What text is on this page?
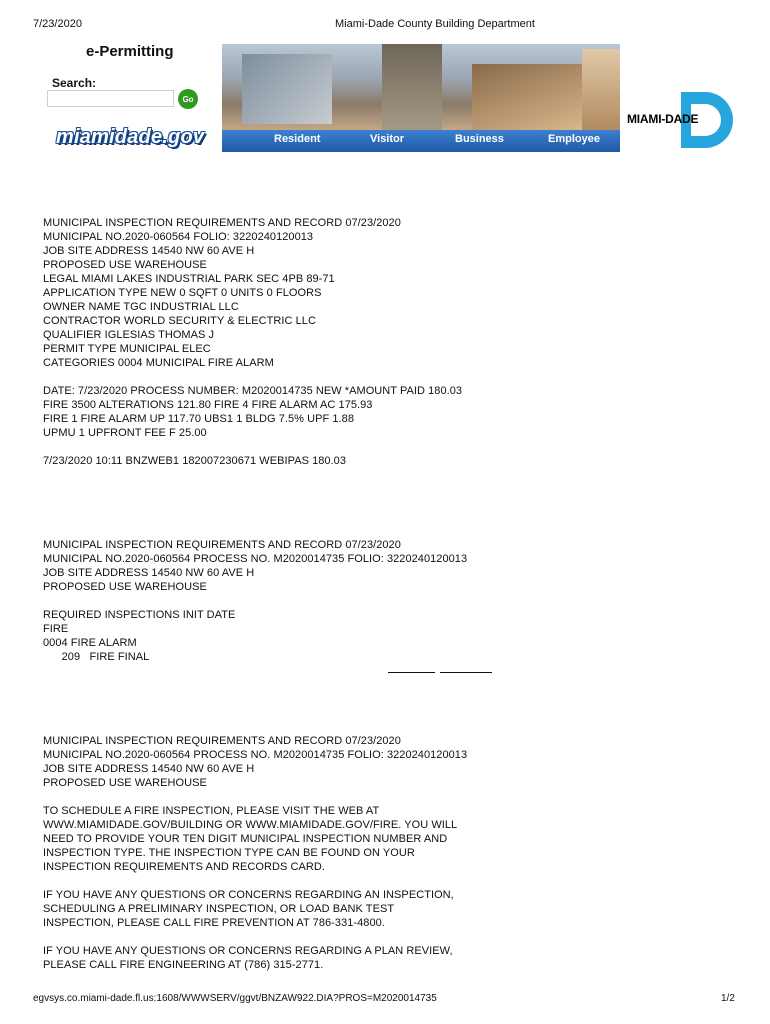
7/23/2020	Miami-Dade County Building Department
e-Permitting
Search:
Go
miamidade.gov	Resident	Visitor	Business	Employee
MIAMI-DADE
MUNICIPAL INSPECTION REQUIREMENTS AND RECORD 07/23/2020
MUNICIPAL NO.2020-060564 FOLIO: 3220240120013
JOB SITE ADDRESS 14540 NW 60 AVE H
PROPOSED USE WAREHOUSE
LEGAL MIAMI LAKES INDUSTRIAL PARK SEC 4PB 89-71
APPLICATION TYPE NEW 0 SQFT 0 UNITS 0 FLOORS
OWNER NAME TGC INDUSTRIAL LLC
CONTRACTOR WORLD SECURITY & ELECTRIC LLC
QUALIFIER IGLESIAS THOMAS J
PERMIT TYPE MUNICIPAL ELEC
CATEGORIES 0004 MUNICIPAL FIRE ALARM
DATE: 7/23/2020 PROCESS NUMBER: M2020014735 NEW *AMOUNT PAID 180.03
FIRE 3500 ALTERATIONS 121.80 FIRE 4 FIRE ALARM AC 175.93
FIRE 1 FIRE ALARM UP 117.70 UBS1 1 BLDG 7.5% UPF 1.88
UPMU 1 UPFRONT FEE F 25.00
7/23/2020 10:11 BNZWEB1 182007230671 WEBIPAS 180.03
MUNICIPAL INSPECTION REQUIREMENTS AND RECORD 07/23/2020
MUNICIPAL NO.2020-060564 PROCESS NO. M2020014735 FOLIO: 3220240120013
JOB SITE ADDRESS 14540 NW 60 AVE H
PROPOSED USE WAREHOUSE
REQUIRED INSPECTIONS INIT DATE
FIRE
0004 FIRE ALARM
209   FIRE FINAL
MUNICIPAL INSPECTION REQUIREMENTS AND RECORD 07/23/2020
MUNICIPAL NO.2020-060564 PROCESS NO. M2020014735 FOLIO: 3220240120013
JOB SITE ADDRESS 14540 NW 60 AVE H
PROPOSED USE WAREHOUSE
TO SCHEDULE A FIRE INSPECTION, PLEASE VISIT THE WEB AT
WWW.MIAMIDADE.GOV/BUILDING OR WWW.MIAMIDADE.GOV/FIRE. YOU WILL
NEED TO PROVIDE YOUR TEN DIGIT MUNICIPAL INSPECTION NUMBER AND
INSPECTION TYPE. THE INSPECTION TYPE CAN BE FOUND ON YOUR
INSPECTION REQUIREMENTS AND RECORDS CARD.
IF YOU HAVE ANY QUESTIONS OR CONCERNS REGARDING AN INSPECTION,
SCHEDULING A PRELIMINARY INSPECTION, OR LOAD BANK TEST
INSPECTION, PLEASE CALL FIRE PREVENTION AT 786-331-4800.
IF YOU HAVE ANY QUESTIONS OR CONCERNS REGARDING A PLAN REVIEW,
PLEASE CALL FIRE ENGINEERING AT (786) 315-2771.
egvsys.co.miami-dade.fl.us:1608/WWWSERV/ggvt/BNZAW922.DIA?PROS=M2020014735	1/2
